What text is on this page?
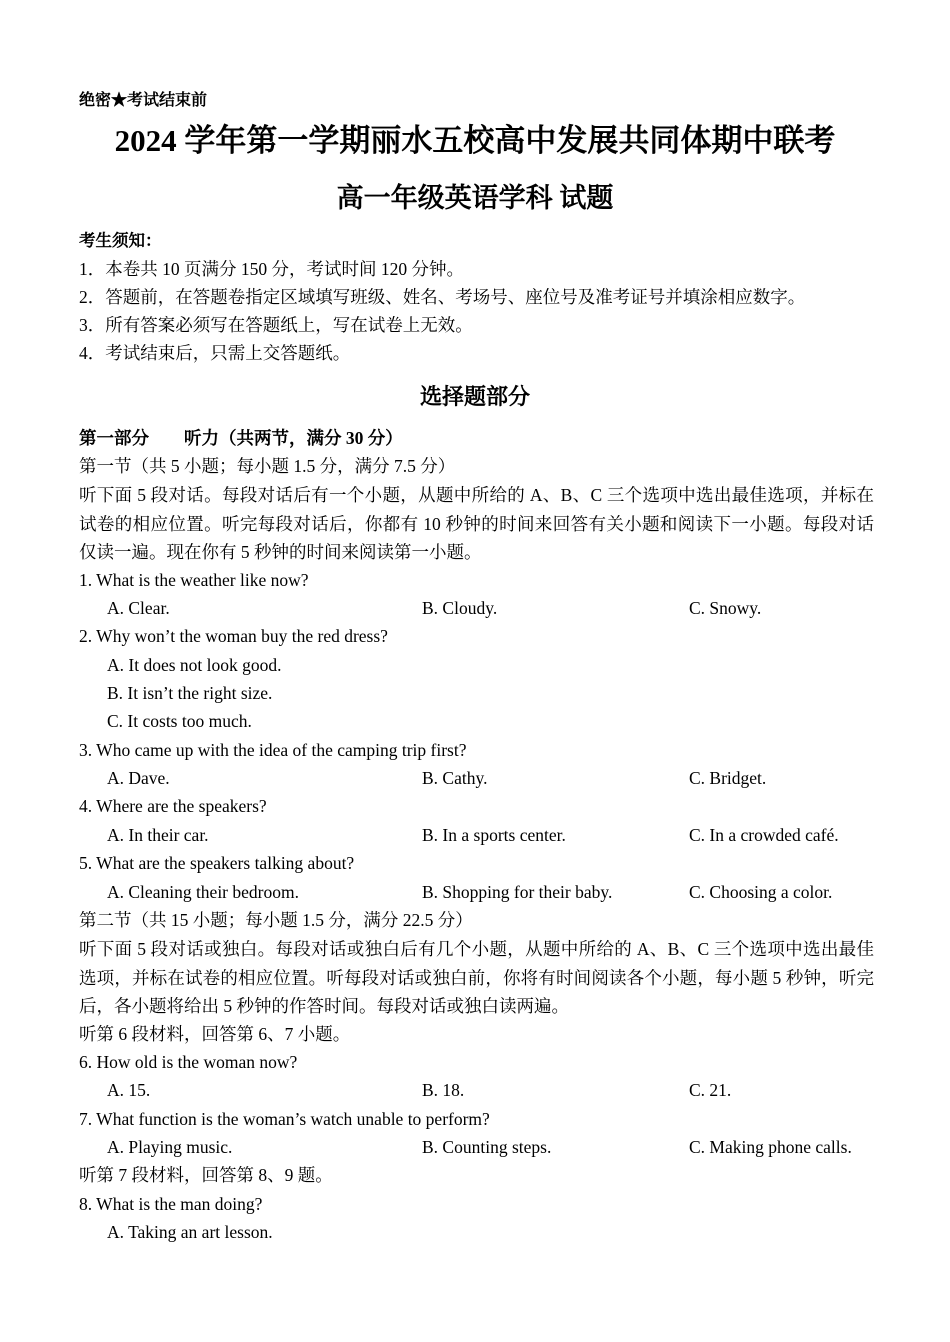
绝密★考试结束前
2024 学年第一学期丽水五校高中发展共同体期中联考
高一年级英语学科 试题
考生须知：
1．本卷共 10 页满分 150 分，考试时间 120 分钟。
2．答题前，在答题卷指定区域填写班级、姓名、考场号、座位号及准考证号并填涂相应数字。
3．所有答案必须写在答题纸上，写在试卷上无效。
4．考试结束后，只需上交答题纸。
选择题部分
第一部分　　听力（共两节，满分 30 分）
第一节（共 5 小题；每小题 1.5 分，满分 7.5 分）
听下面 5 段对话。每段对话后有一个小题，从题中所给的 A、B、C 三个选项中选出最佳选项，并标在试卷的相应位置。听完每段对话后，你都有 10 秒钟的时间来回答有关小题和阅读下一小题。每段对话仅读一遍。现在你有 5 秒钟的时间来阅读第一小题。
1. What is the weather like now?
A. Clear.	B. Cloudy.	C. Snowy.
2. Why won’t the woman buy the red dress?
A. It does not look good.
B. It isn’t the right size.
C. It costs too much.
3. Who came up with the idea of the camping trip first?
A. Dave.	B. Cathy.	C. Bridget.
4. Where are the speakers?
A. In their car.	B. In a sports center.	C. In a crowded café.
5. What are the speakers talking about?
A. Cleaning their bedroom.	B. Shopping for their baby.	C. Choosing a color.
第二节（共 15 小题；每小题 1.5 分，满分 22.5 分）
听下面 5 段对话或独白。每段对话或独白后有几个小题，从题中所给的 A、B、C 三个选项中选出最佳选项，并标在试卷的相应位置。听每段对话或独白前，你将有时间阅读各个小题，每小题 5 秒钟，听完后，各小题将给出 5 秒钟的作答时间。每段对话或独白读两遍。
听第 6 段材料，回答第 6、7 小题。
6. How old is the woman now?
A. 15.	B. 18.	C. 21.
7. What function is the woman’s watch unable to perform?
A. Playing music.	B. Counting steps.	C. Making phone calls.
听第 7 段材料，回答第 8、9 题。
8. What is the man doing?
A. Taking an art lesson.
